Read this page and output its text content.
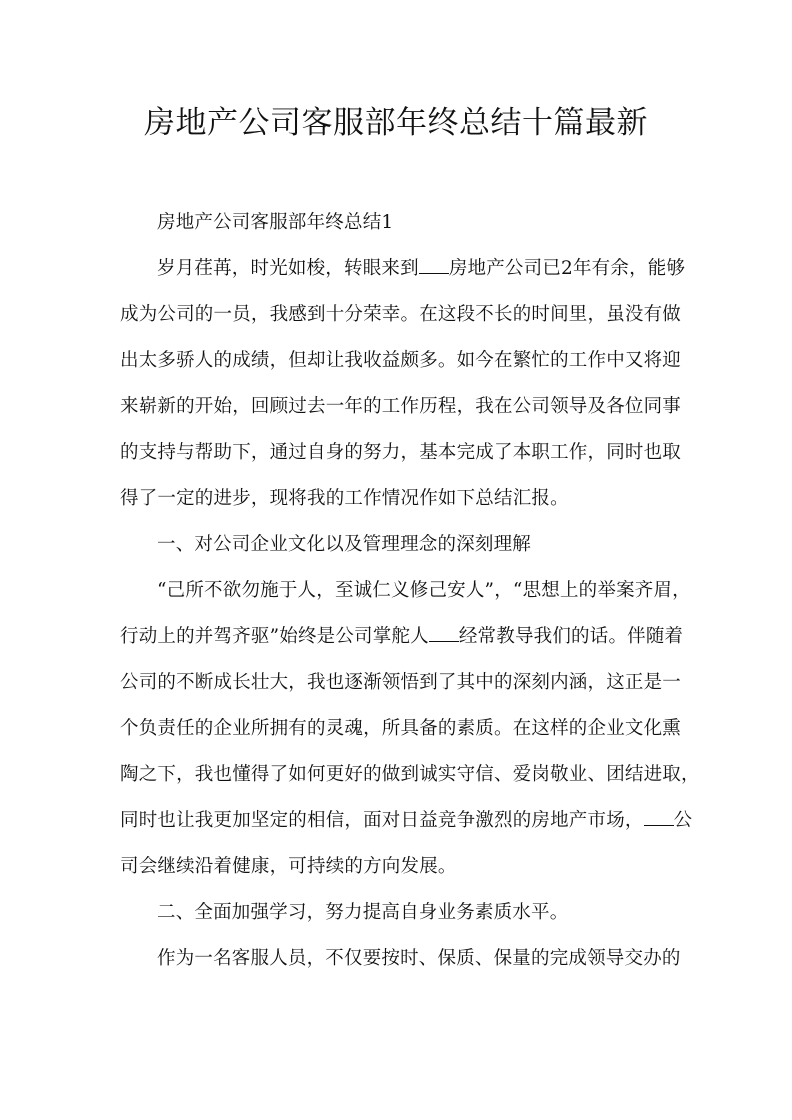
房地产公司客服部年终总结十篇最新
房地产公司客服部年终总结1
岁月荏苒，时光如梭，转眼来到 房地产公司已2年有余，能够
成为公司的一员，我感到十分荣幸。在这段不长的时间里，虽没有做
出太多骄人的成绩，但却让我收益颇多。如今在繁忙的工作中又将迎
来崭新的开始，回顾过去一年的工作历程，我在公司领导及各位同事
的支持与帮助下，通过自身的努力，基本完成了本职工作，同时也取
得了一定的进步，现将我的工作情况作如下总结汇报。
一、对公司企业文化以及管理理念的深刻理解
“己所不欲勿施于人，至诚仁义修己安人”，“思想上的举案齐眉，
行动上的并驾齐驱”始终是公司掌舵人 经常教导我们的话。伴随着
公司的不断成长壮大，我也逐渐领悟到了其中的深刻内涵，这正是一
个负责任的企业所拥有的灵魂，所具备的素质。在这样的企业文化熏
陶之下，我也懂得了如何更好的做到诚实守信、爱岗敬业、团结进取，
同时也让我更加坚定的相信，面对日益竞争激烈的房地产市场， 公
司会继续沿着健康，可持续的方向发展。
二、全面加强学习，努力提高自身业务素质水平。
作为一名客服人员，不仅要按时、保质、保量的完成领导交办的
